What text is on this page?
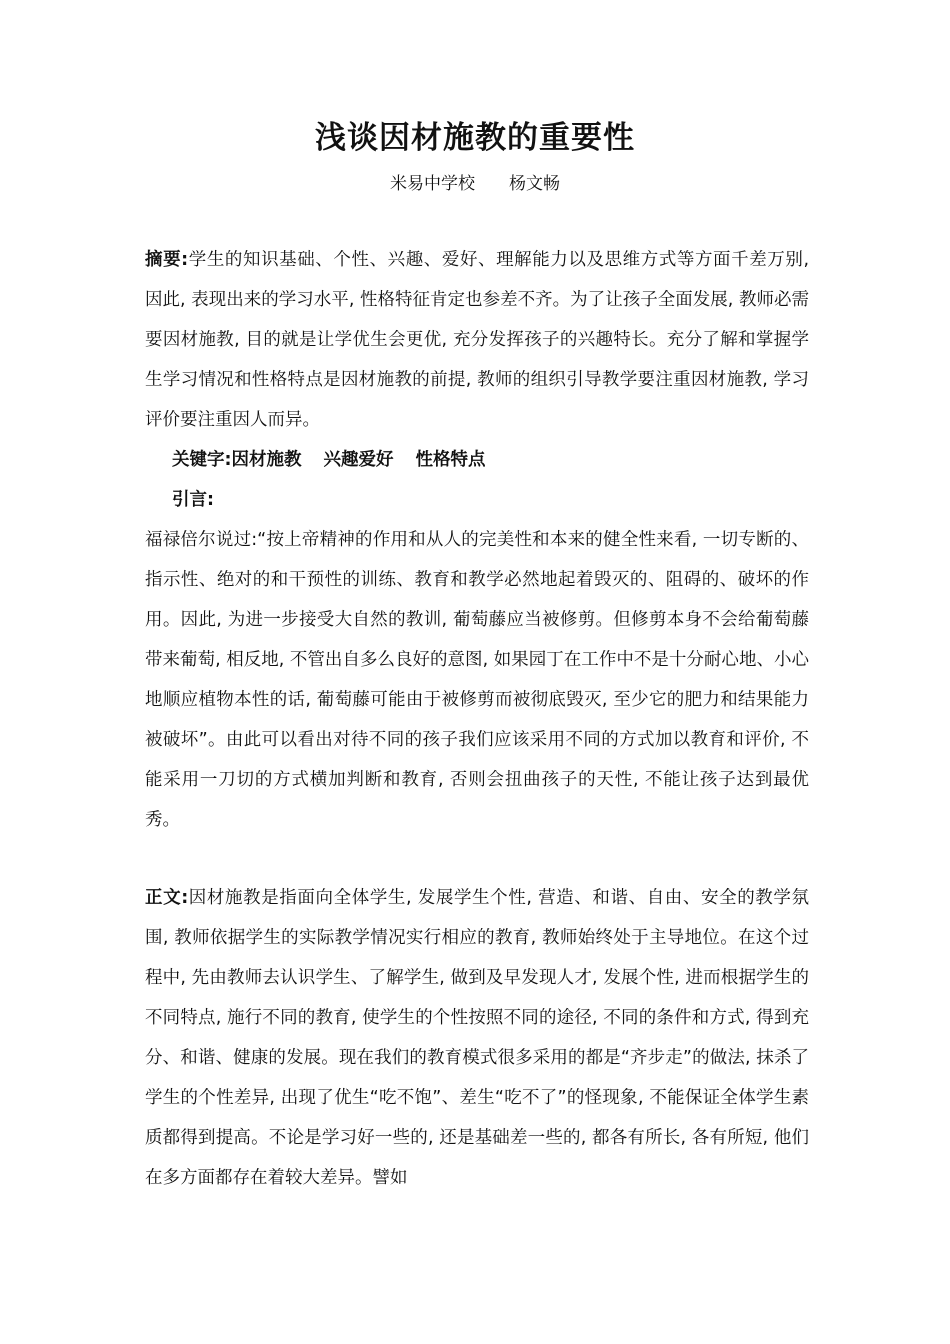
浅谈因材施教的重要性
米易中学校 杨文畅
摘要:学生的知识基础、个性、兴趣、爱好、理解能力以及思维方式等方面千差万别, 因此, 表现出来的学习水平, 性格特征肯定也参差不齐。为了让孩子全面发展, 教师必需要因材施教, 目的就是让学优生会更优, 充分发挥孩子的兴趣特长。充分了解和掌握学生学习情况和性格特点是因材施教的前提, 教师的组织引导教学要注重因材施教, 学习评价要注重因人而异。
关键字:因材施教 兴趣爱好 性格特点
引言:
福禄倍尔说过:“按上帝精神的作用和从人的完美性和本来的健全性来看, 一切专断的、指示性、绝对的和干预性的训练、教育和教学必然地起着毁灭的、阻碍的、破坏的作用。因此, 为进一步接受大自然的教训, 葡萄藤应当被修剪。但修剪本身不会给葡萄藤带来葡萄, 相反地, 不管出自多么良好的意图, 如果园丁在工作中不是十分耐心地、小心地顺应植物本性的话, 葡萄藤可能由于被修剪而被彻底毁灭, 至少它的肥力和结果能力被破坏”。由此可以看出对待不同的孩子我们应该采用不同的方式加以教育和评价, 不能采用一刀切的方式横加判断和教育, 否则会扭曲孩子的天性, 不能让孩子达到最优秀。
正文:因材施教是指面向全体学生, 发展学生个性, 营造、和谐、自由、安全的教学氛围, 教师依据学生的实际教学情况实行相应的教育, 教师始终处于主导地位。在这个过程中, 先由教师去认识学生、了解学生, 做到及早发现人才, 发展个性, 进而根据学生的不同特点, 施行不同的教育, 使学生的个性按照不同的途径, 不同的条件和方式, 得到充分、和谐、健康的发展。现在我们的教育模式很多采用的都是“齐步走”的做法, 抹杀了学生的个性差异, 出现了优生“吃不饱”、差生“吃不了”的怪现象, 不能保证全体学生素质都得到提高。不论是学习好一些的, 还是基础差一些的, 都各有所长, 各有所短, 他们在多方面都存在着较大差异。譬如
